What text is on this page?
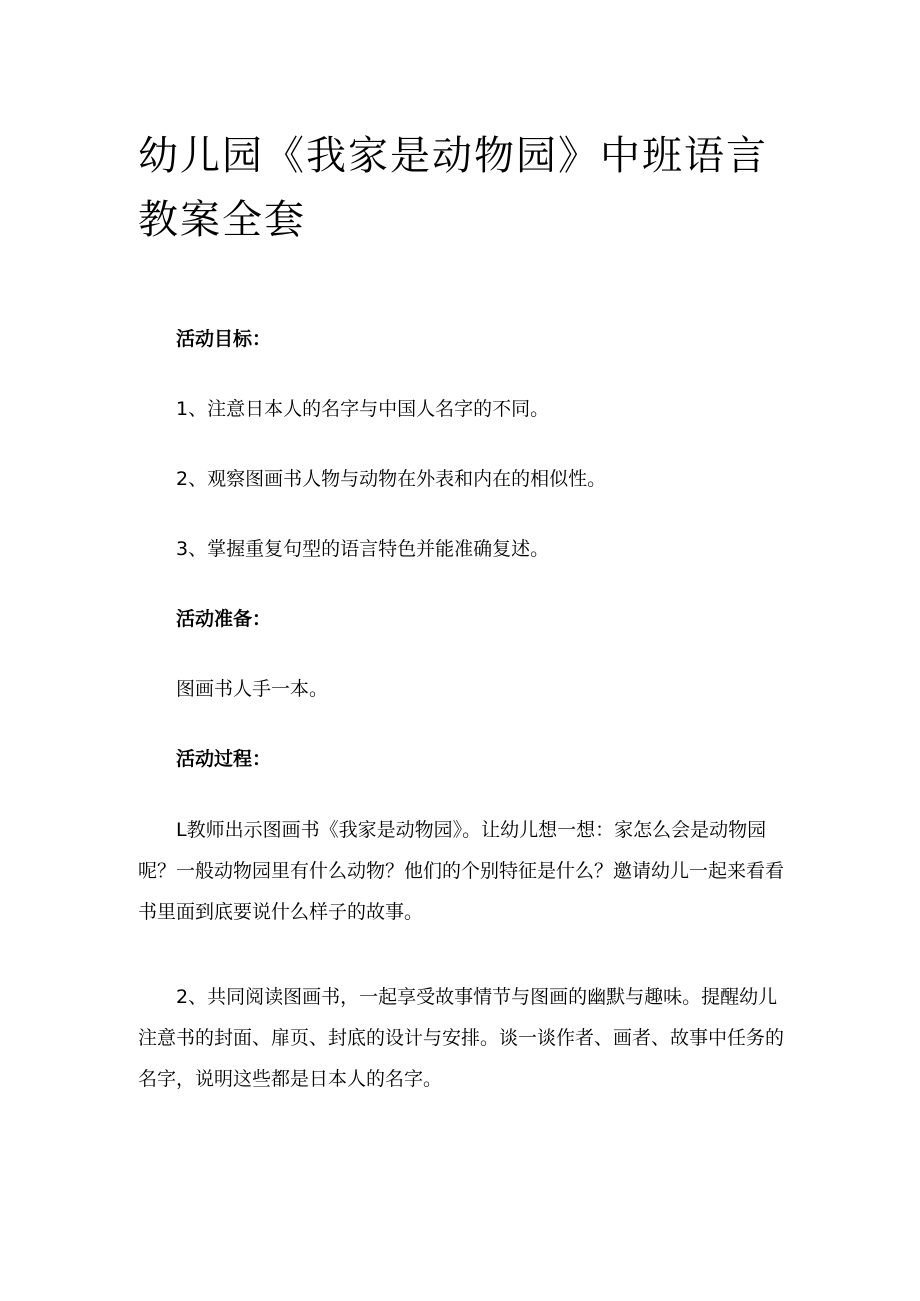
幼儿园《我家是动物园》中班语言教案全套

活动目标：

1、注意日本人的名字与中国人名字的不同。

2、观察图画书人物与动物在外表和内在的相似性。

3、掌握重复句型的语言特色并能准确复述。

活动准备：

图画书人手一本。

活动过程：

L教师出示图画书《我家是动物园》。让幼儿想一想：家怎么会是动物园呢？一般动物园里有什么动物？他们的个别特征是什么？邀请幼儿一起来看看书里面到底要说什么样子的故事。

2、共同阅读图画书，一起享受故事情节与图画的幽默与趣味。提醒幼儿注意书的封面、扉页、封底的设计与安排。谈一谈作者、画者、故事中任务的名字，说明这些都是日本人的名字。
